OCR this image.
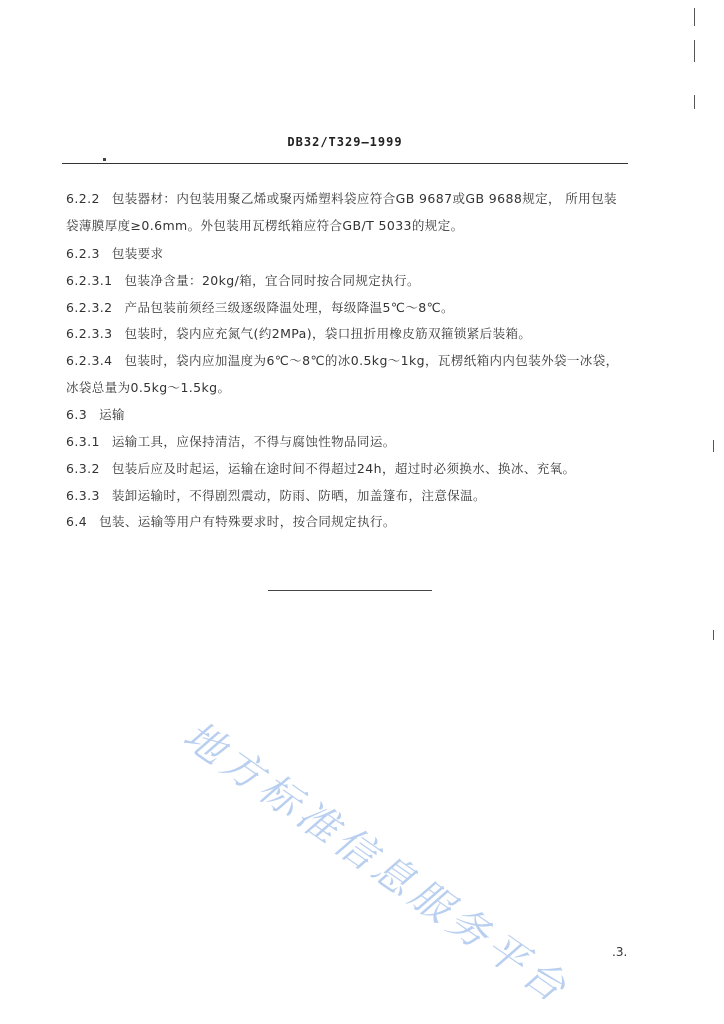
DB32/T329—1999
6.2.2 包装器材：内包装用聚乙烯或聚丙烯塑料袋应符合GB 9687或GB 9688规定， 所用包装
袋薄膜厚度≥0.6mm。外包装用瓦楞纸箱应符合GB/T 5033的规定。
6.2.3 包装要求
6.2.3.1 包装净含量：20kg/箱，宜合同时按合同规定执行。
6.2.3.2 产品包装前须经三级逐级降温处理，每级降温5℃～8℃。
6.2.3.3 包装时，袋内应充氮气(约2MPa)，袋口扭折用橡皮筋双箍锁紧后装箱。
6.2.3.4 包装时，袋内应加温度为6℃～8℃的冰0.5kg～1kg，瓦楞纸箱内内包装外袋一冰袋，
冰袋总量为0.5kg～1.5kg。
6.3 运输
6.3.1 运输工具，应保持清洁，不得与腐蚀性物品同运。
6.3.2 包装后应及时起运，运输在途时间不得超过24h，超过时必须换水、换冰、充氧。
6.3.3 装卸运输时，不得剧烈震动，防雨、防晒，加盖篷布，注意保温。
6.4 包装、运输等用户有特殊要求时，按合同规定执行。
地方标准信息服务平台	.3.
